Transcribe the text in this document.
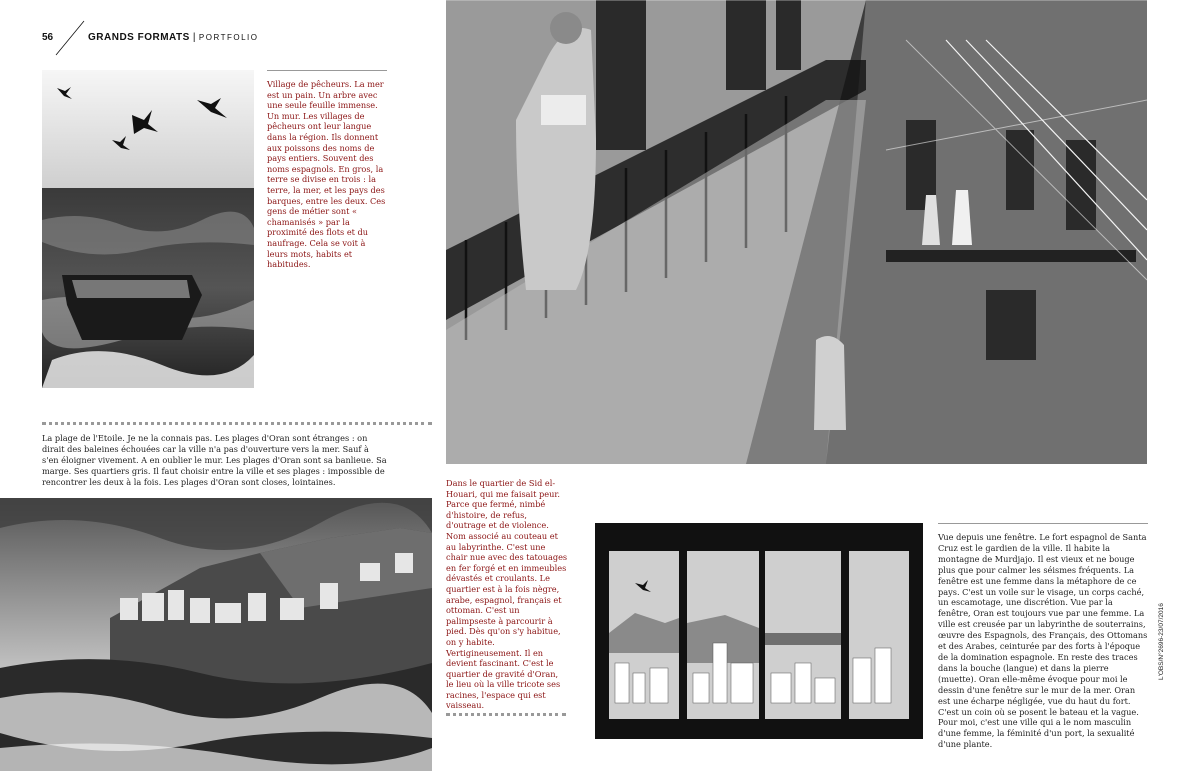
56	GRANDS FORMATS | PORTFOLIO
Village de pêcheurs. La mer est un pain. Un arbre avec une seule feuille immense. Un mur. Les villages de pêcheurs ont leur langue dans la région. Ils donnent aux poissons des noms de pays entiers. Souvent des noms espagnols. En gros, la terre se divise en trois : la terre, la mer, et les pays des barques, entre les deux. Ces gens de métier sont « chamanisés » par la proximité des flots et du naufrage. Cela se voit à leurs mots, habits et habitudes.
La plage de l'Etoile. Je ne la connais pas. Les plages d'Oran sont étranges : on dirait des baleines échouées car la ville n'a pas d'ouverture vers la mer. Sauf à s'en éloigner vivement. A en oublier le mur. Les plages d'Oran sont sa banlieue. Sa marge. Ses quartiers gris. Il faut choisir entre la ville et ses plages : impossible de rencontrer les deux à la fois. Les plages d'Oran sont closes, lointaines.	Dans le quartier de Sid el-Houari, qui me faisait peur. Parce que fermé, nimbé d'histoire, de refus, d'outrage et de violence. Nom associé au couteau et au labyrinthe. C'est une chair nue avec des tatouages en fer forgé et en immeubles dévastés et croulants. Le quartier est à la fois nègre, arabe, espagnol, français et ottoman. C'est un palimpseste à parcourir à pied. Dès qu'on s'y habitue, on y habite. Vertigineusement. Il en devient fascinant. C'est le quartier de gravité d'Oran, le lieu où la ville tricote ses racines, l'espace qui est vaisseau.
Vue depuis une fenêtre. Le fort espagnol de Santa Cruz est le gardien de la ville. Il habite la montagne de Murdjajo. Il est vieux et ne bouge plus que pour calmer les séismes fréquents. La fenêtre est une femme dans la métaphore de ce pays. C'est un voile sur le visage, un corps caché, un escamotage, une discrétion. Vue par la fenêtre, Oran est toujours vue par une femme. La ville est creusée par un labyrinthe de souterrains, œuvre des Espagnols, des Français, des Ottomans et des Arabes, ceinturée par des forts à l'époque de la domination espagnole. En reste des traces dans la bouche (langue) et dans la pierre (muette). Oran elle-même évoque pour moi le dessin d'une fenêtre sur le mur de la mer. Oran est une écharpe négligée, vue du haut du fort. C'est un coin où se posent le bateau et la vague. Pour moi, c'est une ville qui a le nom masculin d'une femme, la féminité d'un port, la sexualité d'une plante.
L'OBS/N°2696-23/07/2016
